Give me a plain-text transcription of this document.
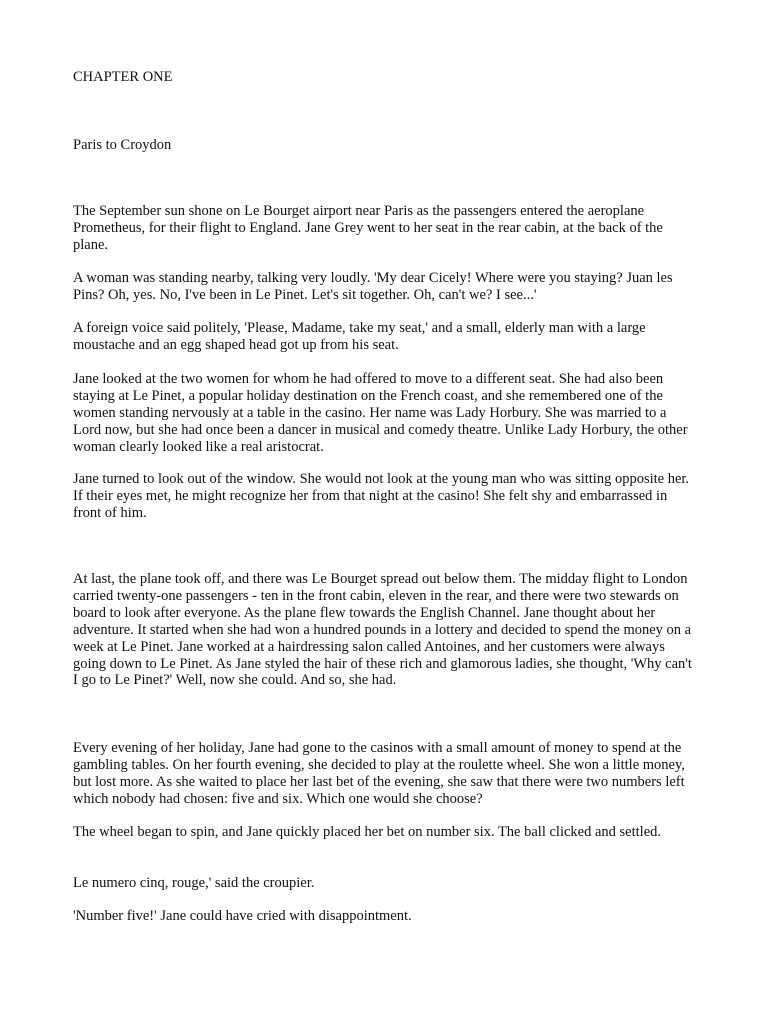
CHAPTER ONE
Paris to Croydon

The September sun shone on Le Bourget airport near Paris as the passengers entered the aeroplane Prometheus, for their flight to England. Jane Grey went to her seat in the rear cabin, at the back of the plane.

A woman was standing nearby, talking very loudly. 'My dear Cicely! Where were you staying? Juan les Pins? Oh, yes. No, I've been in Le Pinet. Let's sit together. Oh, can't we? I see...'

A foreign voice said politely, 'Please, Madame, take my seat,' and a small, elderly man with a large moustache and an egg shaped head got up from his seat.

Jane looked at the two women for whom he had offered to move to a different seat. She had also been staying at Le Pinet, a popular holiday destination on the French coast, and she remembered one of the women standing nervously at a table in the casino. Her name was Lady Horbury. She was married to a Lord now, but she had once been a dancer in musical and comedy theatre. Unlike Lady Horbury, the other woman clearly looked like a real aristocrat.

Jane turned to look out of the window. She would not look at the young man who was sitting opposite her. If their eyes met, he might recognize her from that night at the casino! She felt shy and embarrassed in front of him.

At last, the plane took off, and there was Le Bourget spread out below them. The midday flight to London carried twenty-one passengers - ten in the front cabin, eleven in the rear, and there were two stewards on board to look after everyone. As the plane flew towards the English Channel. Jane thought about her adventure. It started when she had won a hundred pounds in a lottery and decided to spend the money on a week at Le Pinet. Jane worked at a hairdressing salon called Antoines, and her customers were always going down to Le Pinet. As Jane styled the hair of these rich and glamorous ladies, she thought, 'Why can't I go to Le Pinet?' Well, now she could. And so, she had.

Every evening of her holiday, Jane had gone to the casinos with a small amount of money to spend at the gambling tables. On her fourth evening, she decided to play at the roulette wheel. She won a little money, but lost more. As she waited to place her last bet of the evening, she saw that there were two numbers left which nobody had chosen: five and six. Which one would she choose?

The wheel began to spin, and Jane quickly placed her bet on number six. The ball clicked and settled.

Le numero cinq, rouge,' said the croupier.

'Number five!' Jane could have cried with disappointment.
